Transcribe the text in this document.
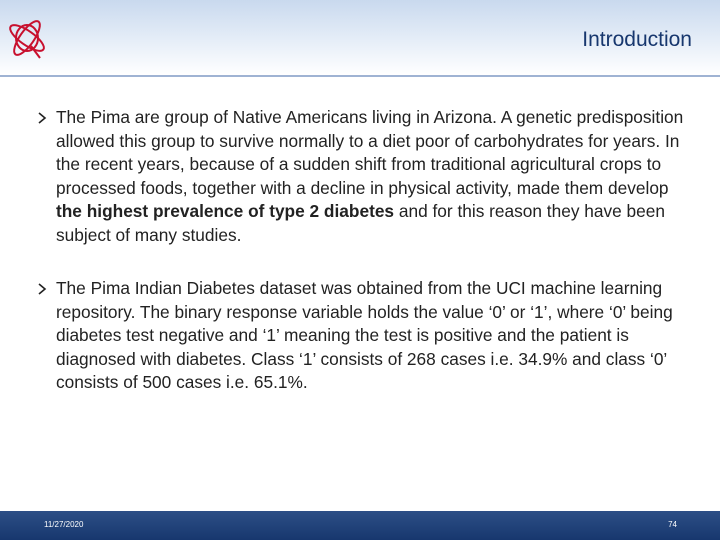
Introduction
The Pima are group of Native Americans living in Arizona. A genetic predisposition allowed this group to survive normally to a diet poor of carbohydrates for years. In the recent years, because of a sudden shift from traditional agricultural crops to processed foods, together with a decline in physical activity, made them develop the highest prevalence of type 2 diabetes and for this reason they have been subject of many studies.
The Pima Indian Diabetes dataset was obtained from the UCI machine learning repository. The binary response variable holds the value ‘0’ or ‘1’, where ‘0’ being diabetes test negative and ‘1’ meaning the test is positive and the patient is diagnosed with diabetes. Class ‘1’ consists of 268 cases i.e. 34.9% and class ‘0’ consists of 500 cases i.e. 65.1%.
11/27/2020	74
